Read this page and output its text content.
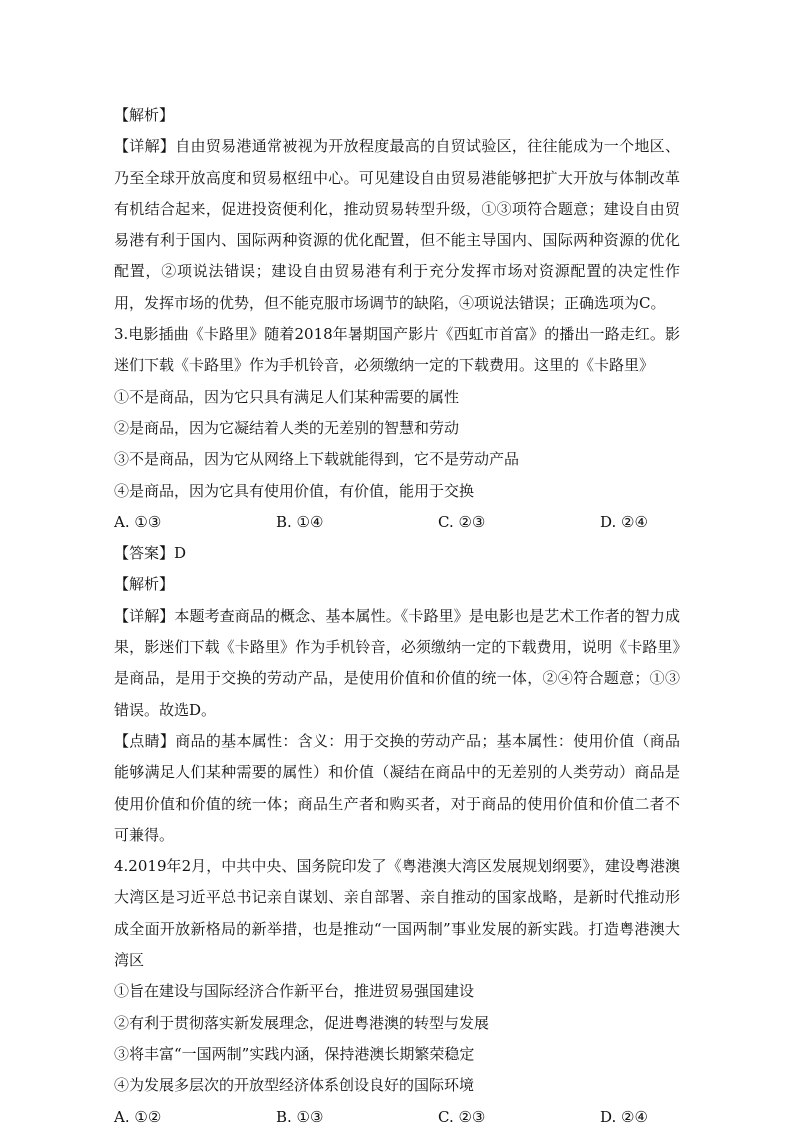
【解析】

【详解】自由贸易港通常被视为开放程度最高的自贸试验区，往往能成为一个地区、乃至全球开放高度和贸易枢纽中心。可见建设自由贸易港能够把扩大开放与体制改革有机结合起来，促进投资便利化，推动贸易转型升级，①③项符合题意；建设自由贸易港有利于国内、国际两种资源的优化配置，但不能主导国内、国际两种资源的优化配置，②项说法错误；建设自由贸易港有利于充分发挥市场对资源配置的决定性作用，发挥市场的优势，但不能克服市场调节的缺陷，④项说法错误；正确选项为C。

3.电影插曲《卡路里》随着2018年暑期国产影片《西虹市首富》的播出一路走红。影迷们下载《卡路里》作为手机铃音，必须缴纳一定的下载费用。这里的《卡路里》

①不是商品，因为它只具有满足人们某种需要的属性

②是商品，因为它凝结着人类的无差别的智慧和劳动

③不是商品，因为它从网络上下载就能得到，它不是劳动产品

④是商品，因为它具有使用价值，有价值，能用于交换

A. ①③	B. ①④	C. ②③	D. ②④

【答案】D

【解析】

【详解】本题考查商品的概念、基本属性。《卡路里》是电影也是艺术工作者的智力成果，影迷们下载《卡路里》作为手机铃音，必须缴纳一定的下载费用，说明《卡路里》是商品，是用于交换的劳动产品，是使用价值和价值的统一体，②④符合题意；①③错误。故选D。

【点睛】商品的基本属性：含义：用于交换的劳动产品；基本属性：使用价值（商品能够满足人们某种需要的属性）和价值（凝结在商品中的无差别的人类劳动）商品是使用价值和价值的统一体；商品生产者和购买者，对于商品的使用价值和价值二者不可兼得。

4.2019年2月，中共中央、国务院印发了《粤港澳大湾区发展规划纲要》，建设粤港澳大湾区是习近平总书记亲自谋划、亲自部署、亲自推动的国家战略，是新时代推动形成全面开放新格局的新举措，也是推动“一国两制”事业发展的新实践。打造粤港澳大湾区

①旨在建设与国际经济合作新平台，推进贸易强国建设

②有利于贯彻落实新发展理念，促进粤港澳的转型与发展

③将丰富“一国两制”实践内涵，保持港澳长期繁荣稳定

④为发展多层次的开放型经济体系创设良好的国际环境

A. ①②	B. ①③	C. ②③	D. ②④
